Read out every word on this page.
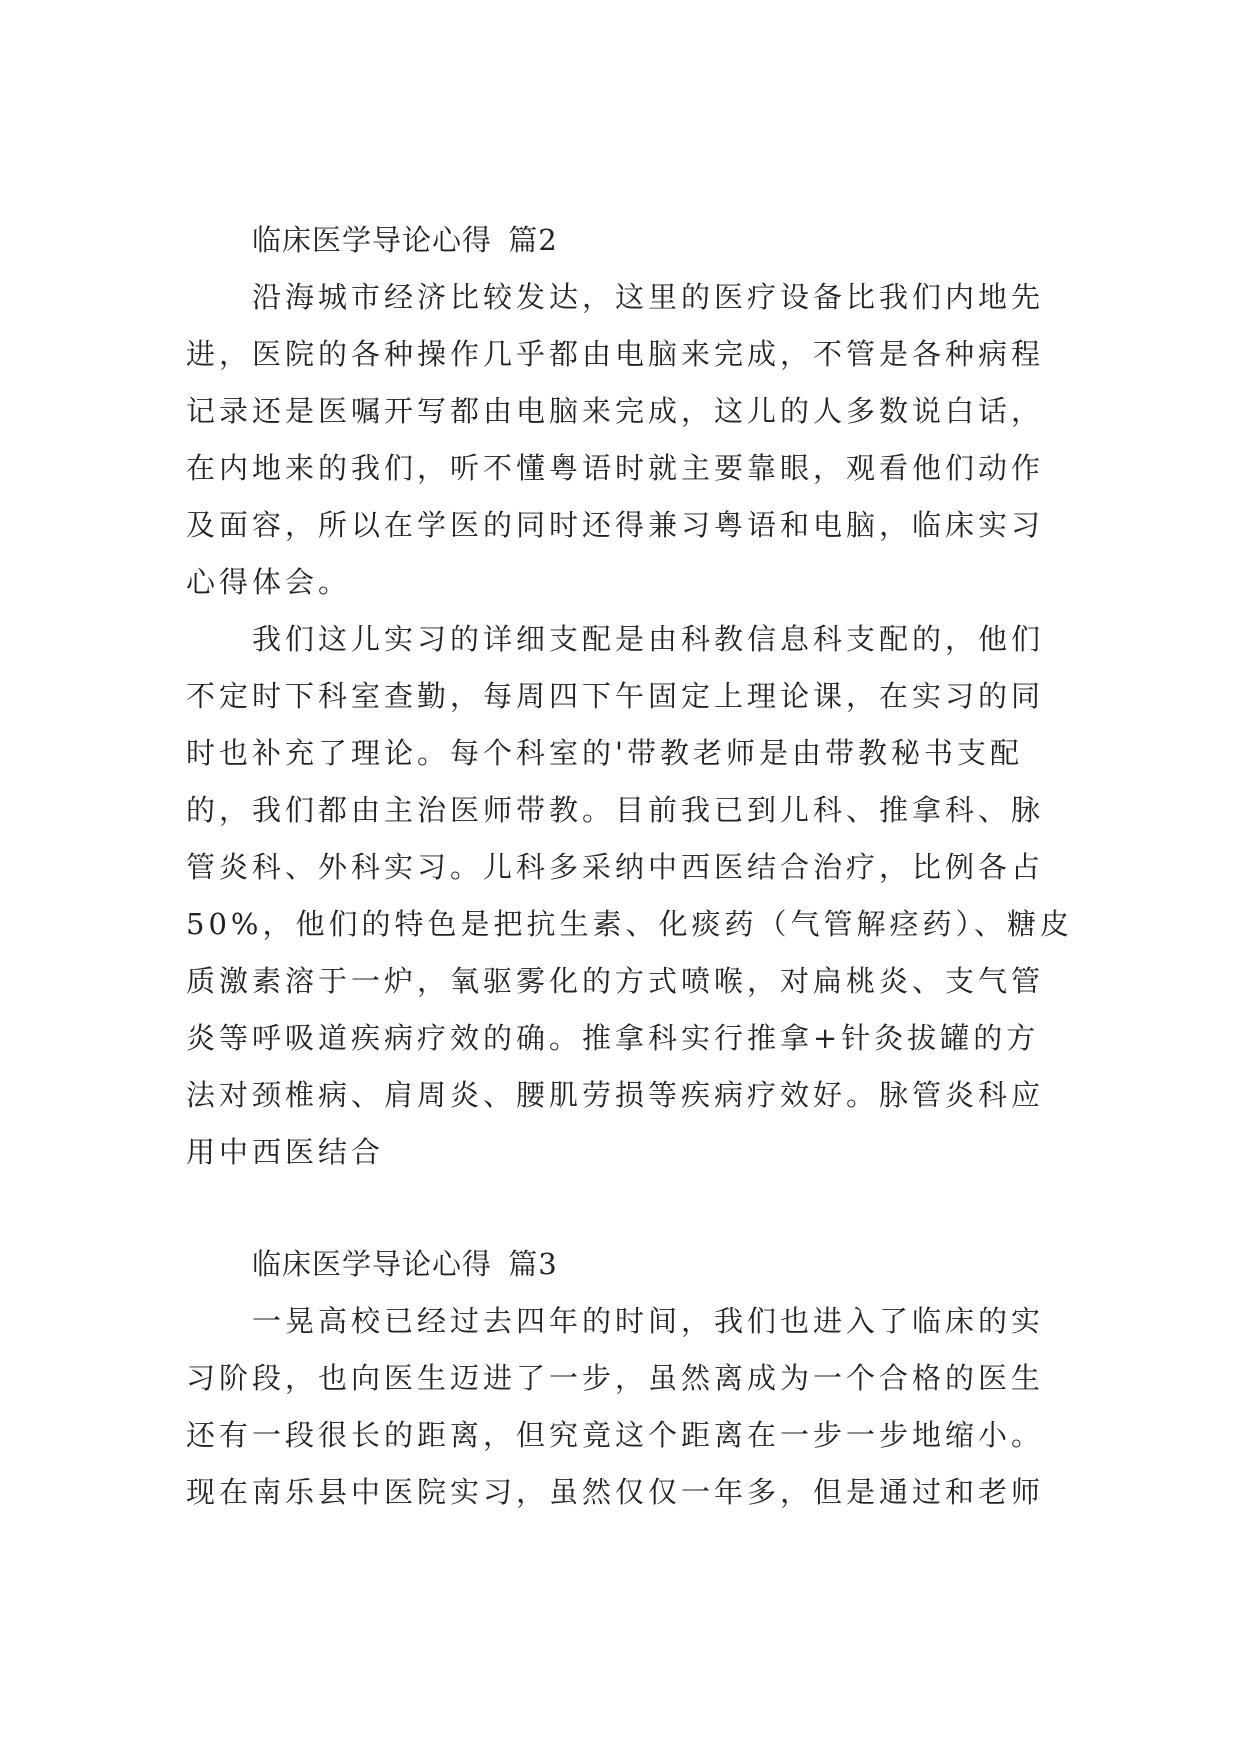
临床医学导论心得 篇2

沿海城市经济比较发达，这里的医疗设备比我们内地先

进，医院的各种操作几乎都由电脑来完成，不管是各种病程

记录还是医嘱开写都由电脑来完成，这儿的人多数说白话，

在内地来的我们，听不懂粤语时就主要靠眼，观看他们动作

及面容，所以在学医的同时还得兼习粤语和电脑，临床实习

心得体会。

我们这儿实习的详细支配是由科教信息科支配的，他们

不定时下科室查勤，每周四下午固定上理论课，在实习的同

时也补充了理论。每个科室的'带教老师是由带教秘书支配

的，我们都由主治医师带教。目前我已到儿科、推拿科、脉

管炎科、外科实习。儿科多采纳中西医结合治疗，比例各占

50%，他们的特色是把抗生素、化痰药（气管解痉药）、糖皮

质激素溶于一炉，氧驱雾化的方式喷喉，对扁桃炎、支气管

炎等呼吸道疾病疗效的确。推拿科实行推拿+针灸拔罐的方

法对颈椎病、肩周炎、腰肌劳损等疾病疗效好。脉管炎科应

用中西医结合

临床医学导论心得 篇3

一晃高校已经过去四年的时间，我们也进入了临床的实

习阶段，也向医生迈进了一步，虽然离成为一个合格的医生

还有一段很长的距离，但究竟这个距离在一步一步地缩小。

现在南乐县中医院实习，虽然仅仅一年多，但是通过和老师
